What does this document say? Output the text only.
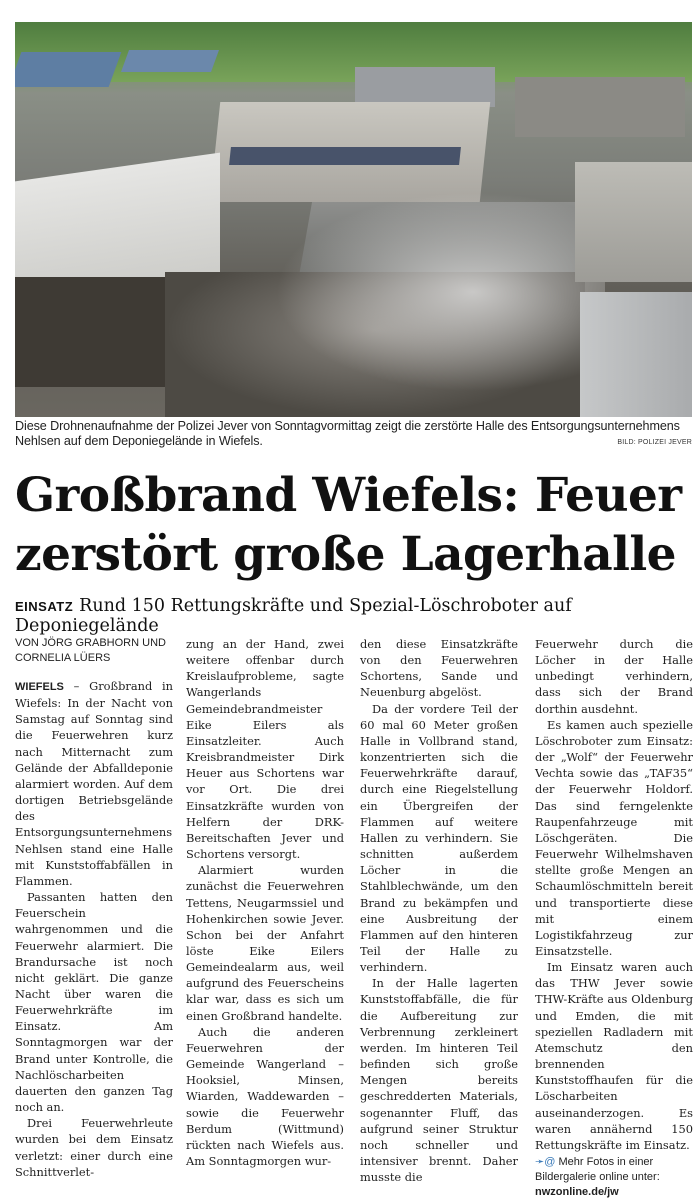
Diese Drohnenaufnahme der Polizei Jever von Sonntagvormittag zeigt die zerstörte Halle des Entsorgungsunternehmens Nehlsen auf dem Deponiegelände in Wiefels.	BILD: POLIZEI JEVER
Großbrand Wiefels: Feuer zerstört große Lagerhalle
EINSATZ Rund 150 Rettungskräfte und Spezial-Löschroboter auf Deponiegelände
VON JÖRG GRABHORN UND CORNELIA LÜERS

WIEFELS – Großbrand in Wiefels: In der Nacht von Samstag auf Sonntag sind die Feuerwehren kurz nach Mitternacht zum Gelände der Abfalldeponie alarmiert worden. Auf dem dortigen Betriebsgelände des Entsorgungsunternehmens Nehlsen stand eine Halle mit Kunststoffabfällen in Flammen.

Passanten hatten den Feuerschein wahrgenommen und die Feuerwehr alarmiert. Die Brandursache ist noch nicht geklärt. Die ganze Nacht über waren die Feuerwehrkräfte im Einsatz. Am Sonntagmorgen war der Brand unter Kontrolle, die Nachlöscharbeiten dauerten den ganzen Tag noch an.

Drei Feuerwehrleute wurden bei dem Einsatz verletzt: einer durch eine Schnittverlet-

zung an der Hand, zwei weitere offenbar durch Kreislaufprobleme, sagte Wangerlands Gemeindebrandmeister Eike Eilers als Einsatzleiter. Auch Kreisbrandmeister Dirk Heuer aus Schortens war vor Ort. Die drei Einsatzkräfte wurden von Helfern der DRK-Bereitschaften Jever und Schortens versorgt.

Alarmiert wurden zunächst die Feuerwehren Tettens, Neugarmssiel und Hohenkirchen sowie Jever. Schon bei der Anfahrt löste Eike Eilers Gemeindealarm aus, weil aufgrund des Feuerscheins klar war, dass es sich um einen Großbrand handelte.

Auch die anderen Feuerwehren der Gemeinde Wangerland – Hooksiel, Minsen, Wiarden, Waddewarden – sowie die Feuerwehr Berdum (Wittmund) rückten nach Wiefels aus. Am Sonntagmorgen wur-

den diese Einsatzkräfte von den Feuerwehren Schortens, Sande und Neuenburg abgelöst.

Da der vordere Teil der 60 mal 60 Meter großen Halle in Vollbrand stand, konzentrierten sich die Feuerwehrkräfte darauf, durch eine Riegelstellung ein Übergreifen der Flammen auf weitere Hallen zu verhindern. Sie schnitten außerdem Löcher in die Stahlblechwände, um den Brand zu bekämpfen und eine Ausbreitung der Flammen auf den hinteren Teil der Halle zu verhindern.

In der Halle lagerten Kunststoffabfälle, die für die Aufbereitung zur Verbrennung zerkleinert werden. Im hinteren Teil befinden sich große Mengen bereits geschredderten Materials, sogenannter Fluff, das aufgrund seiner Struktur noch schneller und intensiver brennt. Daher musste die

Feuerwehr durch die Löcher in der Halle unbedingt verhindern, dass sich der Brand dorthin ausdehnt.

Es kamen auch spezielle Löschroboter zum Einsatz: der „Wolf“ der Feuerwehr Vechta sowie das „TAF35“ der Feuerwehr Holdorf. Das sind ferngelenkte Raupenfahrzeuge mit Löschgeräten. Die Feuerwehr Wilhelmshaven stellte große Mengen an Schaumlöschmitteln bereit und transportierte diese mit einem Logistikfahrzeug zur Einsatzstelle.

Im Einsatz waren auch das THW Jever sowie THW-Kräfte aus Oldenburg und Emden, die mit speziellen Radladern mit Atemschutz den brennenden Kunststoffhaufen für die Löscharbeiten auseinanderzogen. Es waren annähernd 150 Rettungskräfte im Einsatz.

➛@ Mehr Fotos in einer Bildergalerie online unter: nwzonline.de/jw
